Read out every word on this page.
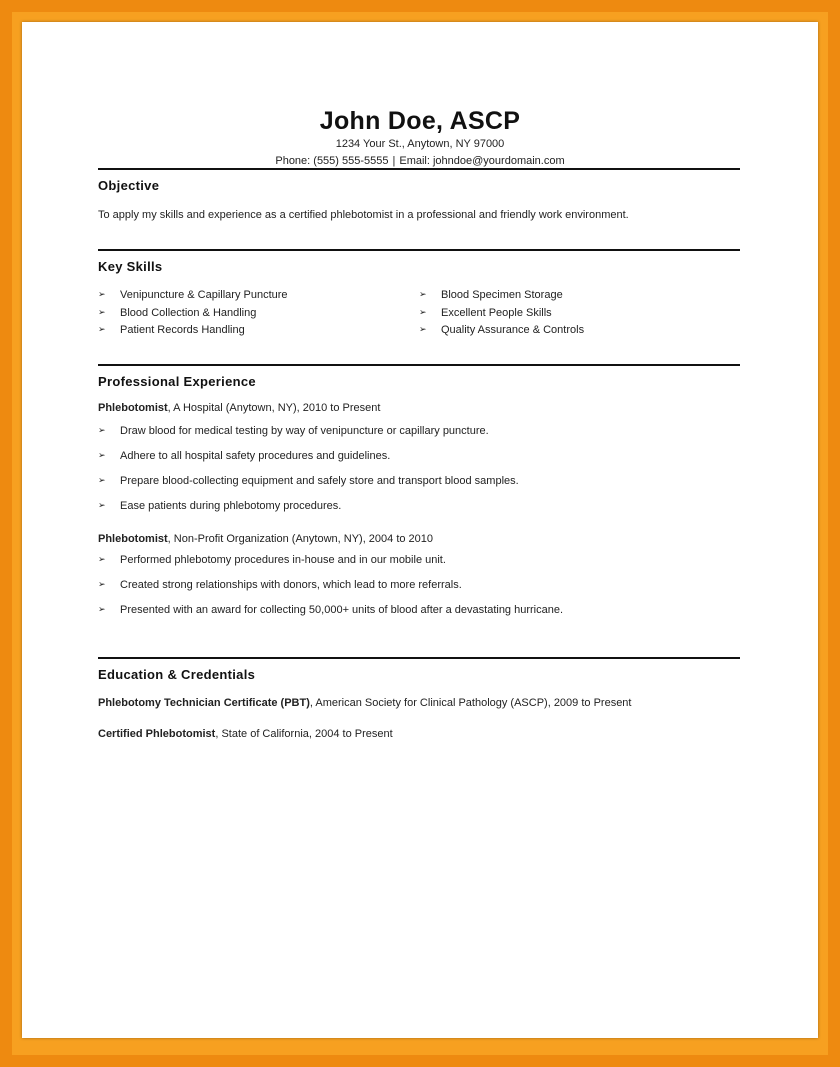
John Doe, ASCP
1234 Your St., Anytown, NY 97000
Phone: (555) 555-5555 | Email: johndoe@yourdomain.com
Objective
To apply my skills and experience as a certified phlebotomist in a professional and friendly work environment.
Key Skills
➢ Venipuncture & Capillary Puncture
➢ Blood Collection & Handling
➢ Patient Records Handling
➢ Blood Specimen Storage
➢ Excellent People Skills
➢ Quality Assurance & Controls
Professional Experience
Phlebotomist, A Hospital (Anytown, NY), 2010 to Present
➢ Draw blood for medical testing by way of venipuncture or capillary puncture.
➢ Adhere to all hospital safety procedures and guidelines.
➢ Prepare blood-collecting equipment and safely store and transport blood samples.
➢ Ease patients during phlebotomy procedures.
Phlebotomist, Non-Profit Organization (Anytown, NY), 2004 to 2010
➢ Performed phlebotomy procedures in-house and in our mobile unit.
➢ Created strong relationships with donors, which lead to more referrals.
➢ Presented with an award for collecting 50,000+ units of blood after a devastating hurricane.
Education & Credentials
Phlebotomy Technician Certificate (PBT), American Society for Clinical Pathology (ASCP), 2009 to Present
Certified Phlebotomist, State of California, 2004 to Present
